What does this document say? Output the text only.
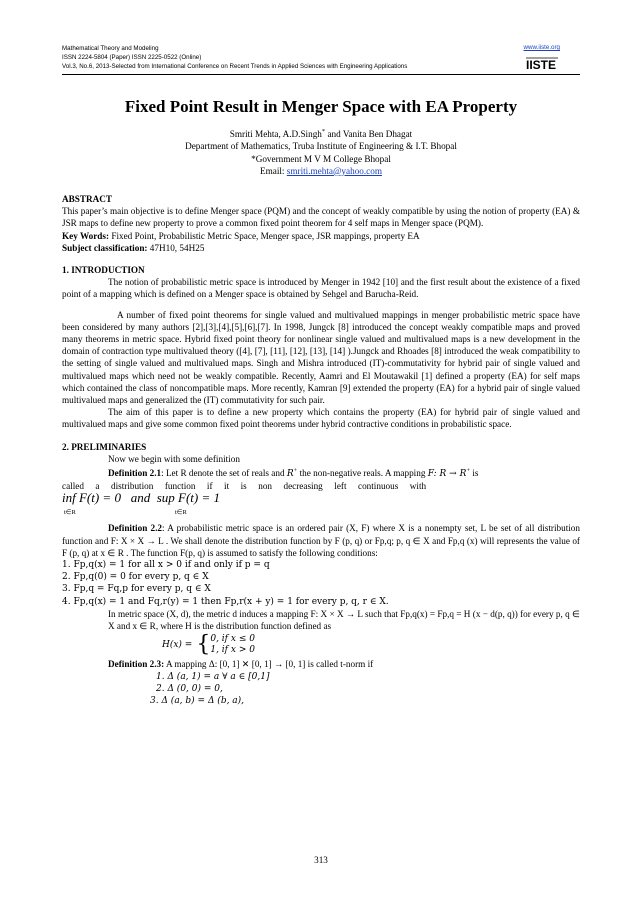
Mathematical Theory and Modeling
ISSN 2224-5804 (Paper) ISSN 2225-0522 (Online)
Vol.3, No.6, 2013-Selected from International Conference on Recent Trends in Applied Sciences with Engineering Applications
www.iiste.org
IISTE
Fixed Point Result in Menger Space with EA Property
Smriti Mehta, A.D.Singh* and Vanita Ben Dhagat
Department of Mathematics, Truba Institute of Engineering & I.T. Bhopal
*Government M V M College Bhopal
Email: smriti.mehta@yahoo.com

ABSTRACT

This paper’s main objective is to define Menger space (PQM) and the concept of weakly compatible by using the notion of property (EA) & JSR maps to define new property to prove a common fixed point theorem for 4 self maps in Menger space (PQM).

Key Words: Fixed Point, Probabilistic Metric Space, Menger space, JSR mappings, property EA

Subject classification: 47H10, 54H25

1. INTRODUCTION

The notion of probabilistic metric space is introduced by Menger in 1942 [10] and the first result about the existence of a fixed point of a mapping which is defined on a Menger space is obtained by Sehgel and Barucha-Reid.

A number of fixed point theorems for single valued and multivalued mappings in menger probabilistic metric space have been considered by many authors [2],[3],[4],[5],[6],[7]. In 1998, Jungck [8] introduced the concept weakly compatible maps and proved many theorems in metric space. Hybrid fixed point theory for nonlinear single valued and multivalued maps is a new development in the domain of contraction type multivalued theory ([4], [7], [11], [12], [13], [14] ).Jungck and Rhoades [8] introduced the weak compatibility to the setting of single valued and multivalued maps. Singh and Mishra introduced (IT)-commutativity for hybrid pair of single valued and multivalued maps which need not be weakly compatible. Recently, Aamri and El Moutawakil [1] defined a property (EA) for self maps which contained the class of noncompatible maps. More recently, Kamran [9] extended the property (EA) for a hybrid pair of single valued multivalued maps and generalized the (IT) commutativity for such pair.

The aim of this paper is to define a new property which contains the property (EA) for hybrid pair of single valued and multivalued maps and give some common fixed point theorems under hybrid contractive conditions in probabilistic space.

2. PRELIMINARIES

Now we begin with some definition

Definition 2.1: Let R denote the set of reals and R+ the non-negative reals. A mapping F: R → R+ is

called     a     distribution     function     if     it     is     non     decreasing     left     continuous     with

inf F(t) = 0   and  sup F(t) = 1
t∈R	t∈R

Definition 2.2: A probabilistic metric space is an ordered pair (X, F) where X is a nonempty set, L be set of all distribution function and F: X × X → L . We shall denote the distribution function by F (p, q) or Fp,q; p, q ∈ X and Fp,q (x) will represents the value of F (p, q) at x ∈ R . The function F(p, q) is assumed to satisfy the following conditions:

1. Fp,q(x) = 1 for all x > 0 if and only if p = q

2. Fp,q(0) = 0 for every p, q ∈ X

3. Fp,q = Fq,p for every p, q ∈ X

4. Fp,q(x) = 1 and Fq,r(y) = 1 then Fp,r(x + y) = 1 for every p, q, r ∈ X.

In metric space (X, d), the metric d induces a mapping F: X × X → L such that Fp,q(x) = Fp,q = H (x − d(p, q)) for every p, q ∈ X and x ∈ R, where H is the distribution function defined as

H(x) = { 0, if x ≤ 0
1, if x > 0

Definition 2.3: A mapping Δ: [0, 1] ✕ [0, 1] → [0, 1] is called t-norm if

1. Δ (a, 1) = a ∀ a ∈ [0,1]

2. Δ (0, 0) = 0,

3. Δ (a, b) = Δ (b, a),

313
